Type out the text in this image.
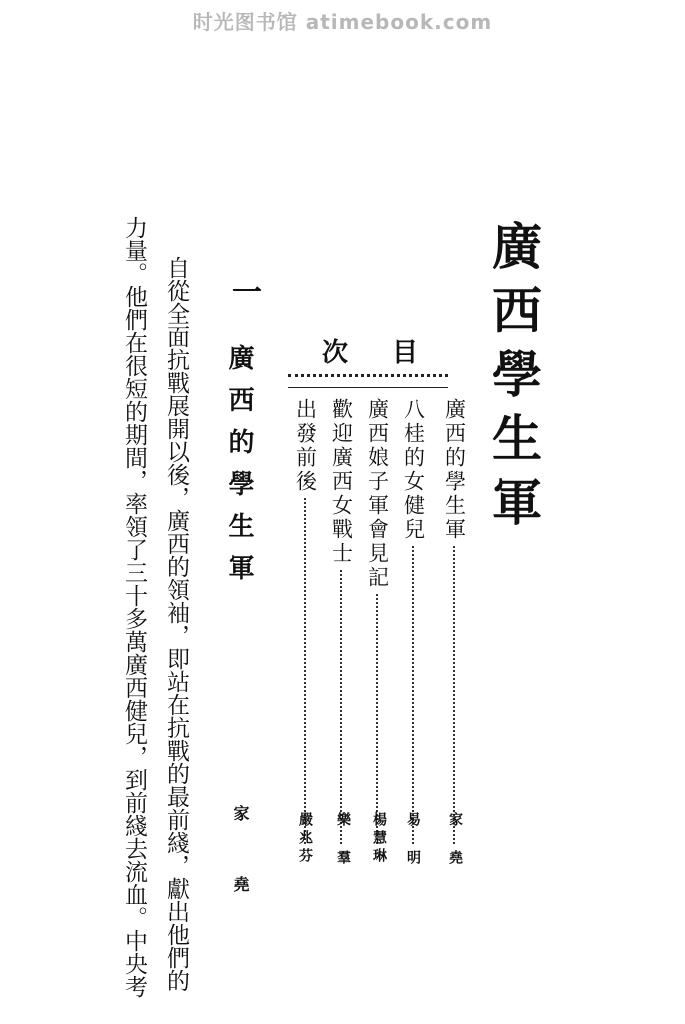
时光图书馆 atimebook.com
廣西學生軍
次目
廣西的學生軍
家 堯
八桂的女健兒
易 明
廣西娘子軍會見記
楊慧琳
歡迎廣西女戰士
樂 羣
出發前後
嚴兆芬
一
廣西的學生軍
家 堯
自從全面抗戰展開以後，廣西的領袖，即站在抗戰的最前綫，獻出他們的
力量。他們在很短的期間，率領了三十多萬廣西健兒，到前綫去流血。中央考
